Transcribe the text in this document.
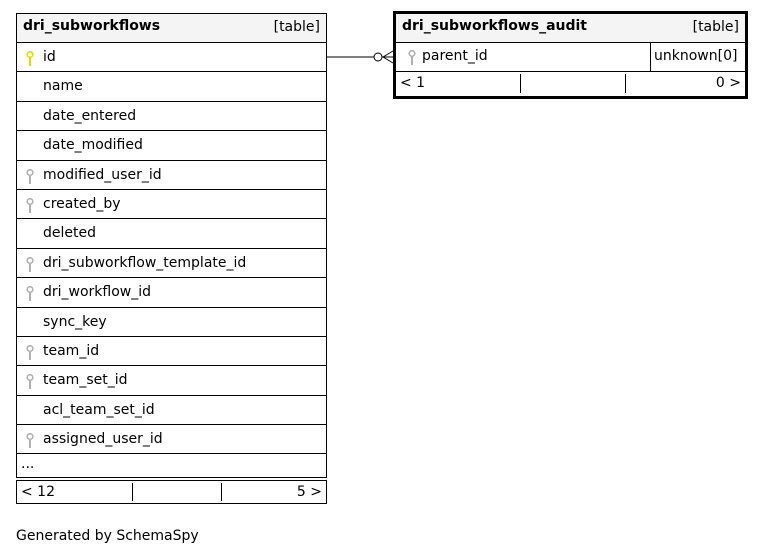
dri_subworkflows	[table]
id
name
date_entered
date_modified
modified_user_id
created_by
deleted
dri_subworkflow_template_id
dri_workflow_id
sync_key
team_id
team_set_id
acl_team_set_id
assigned_user_id
...
< 12	5 >
dri_subworkflows_audit	[table]
parent_id	unknown[0]
< 1	0 >
Generated by SchemaSpy
